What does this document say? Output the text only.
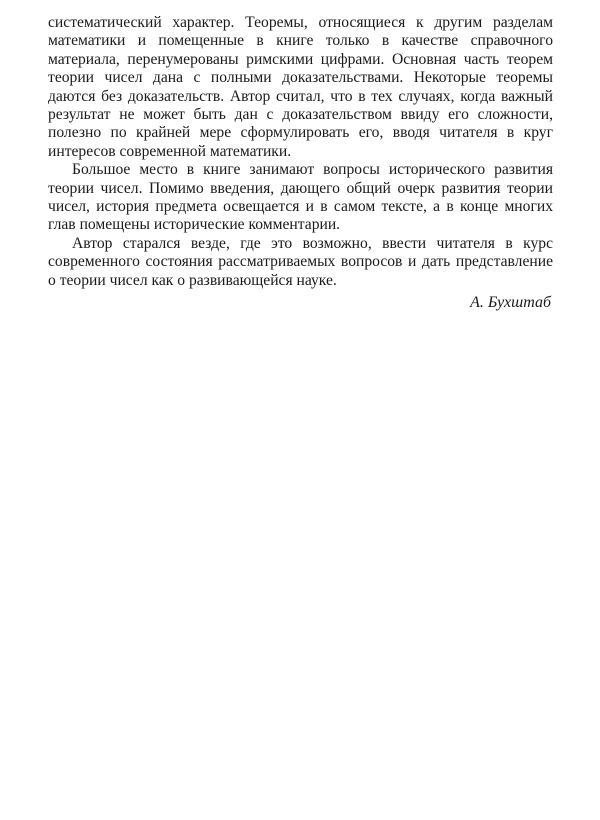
систематический характер. Теоремы, относящиеся к другим разделам математики и помещенные в книге только в качестве справочного материала, перенумерованы римскими цифрами. Основная часть теорем теории чисел дана с полными доказательствами. Некоторые теоремы даются без доказательств. Автор считал, что в тех случаях, когда важный результат не может быть дан с доказательством ввиду его сложности, полезно по крайней мере сформулировать его, вводя читателя в круг интересов современной математики.

Большое место в книге занимают вопросы исторического развития теории чисел. Помимо введения, дающего общий очерк развития теории чисел, история предмета освещается и в самом тексте, а в конце многих глав помещены исторические комментарии.

Автор старался везде, где это возможно, ввести читателя в курс современного состояния рассматриваемых вопросов и дать представление о теории чисел как о развивающейся науке.

А. Бухштаб
